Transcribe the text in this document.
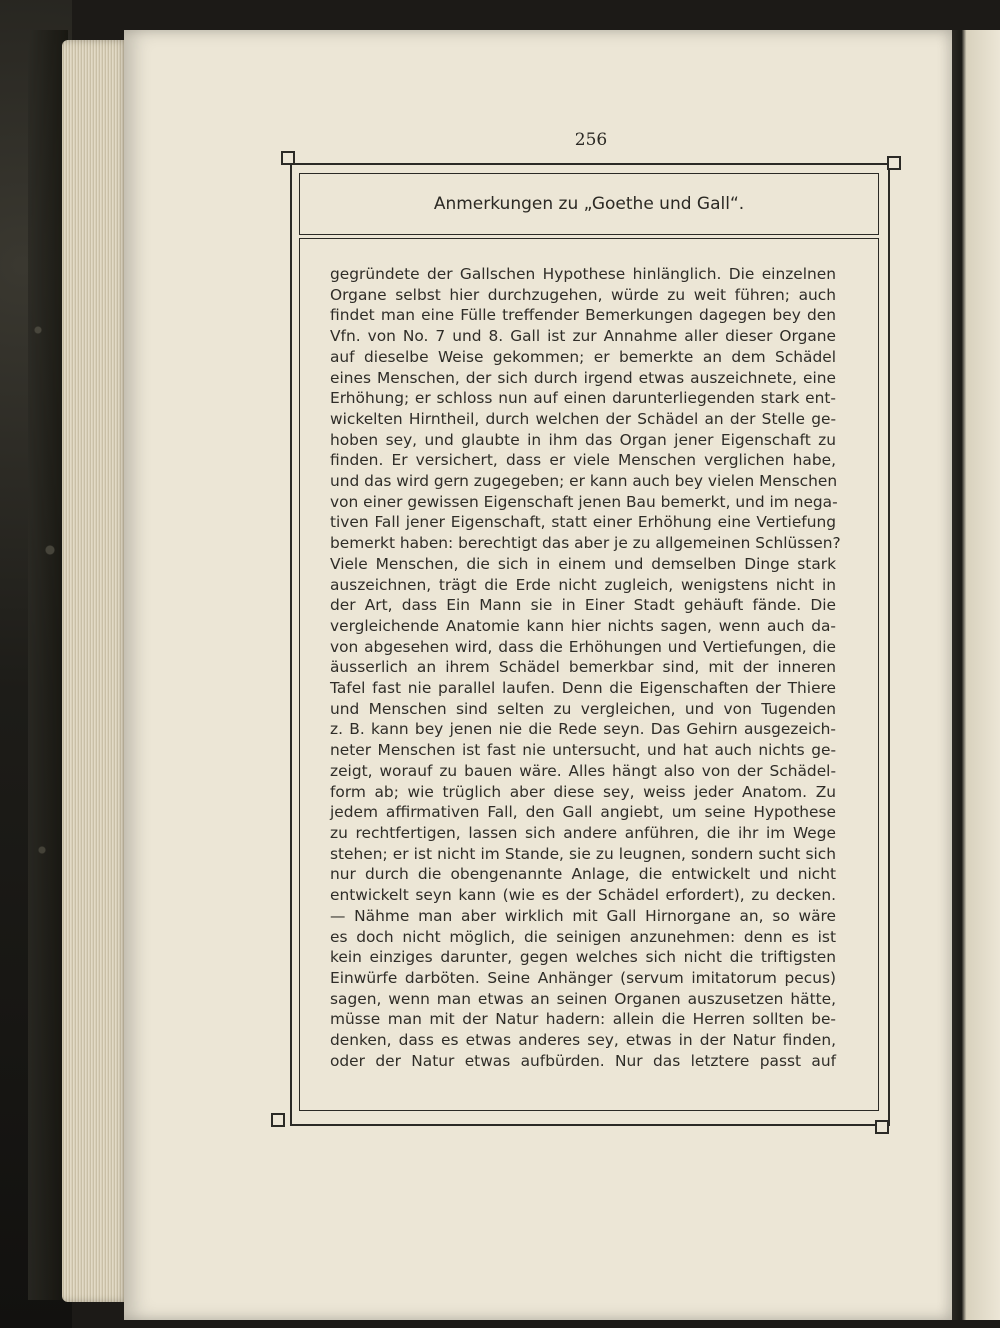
256
Anmerkungen zu „Goethe und Gall“.
gegründete der Gallschen Hypothese hinlänglich. Die einzelnen
Organe selbst hier durchzugehen, würde zu weit führen; auch
findet man eine Fülle treffender Bemerkungen dagegen bey den
Vfn. von No. 7 und 8. Gall ist zur Annahme aller dieser Organe
auf dieselbe Weise gekommen; er bemerkte an dem Schädel
eines Menschen, der sich durch irgend etwas auszeichnete, eine
Erhöhung; er schloss nun auf einen darunterliegenden stark ent-
wickelten Hirntheil, durch welchen der Schädel an der Stelle ge-
hoben sey, und glaubte in ihm das Organ jener Eigenschaft zu
finden. Er versichert, dass er viele Menschen verglichen habe,
und das wird gern zugegeben; er kann auch bey vielen Menschen
von einer gewissen Eigenschaft jenen Bau bemerkt, und im nega-
tiven Fall jener Eigenschaft, statt einer Erhöhung eine Vertiefung
bemerkt haben: berechtigt das aber je zu allgemeinen Schlüssen?
Viele Menschen, die sich in einem und demselben Dinge stark
auszeichnen, trägt die Erde nicht zugleich, wenigstens nicht in
der Art, dass Ein Mann sie in Einer Stadt gehäuft fände. Die
vergleichende Anatomie kann hier nichts sagen, wenn auch da-
von abgesehen wird, dass die Erhöhungen und Vertiefungen, die
äusserlich an ihrem Schädel bemerkbar sind, mit der inneren
Tafel fast nie parallel laufen. Denn die Eigenschaften der Thiere
und Menschen sind selten zu vergleichen, und von Tugenden
z. B. kann bey jenen nie die Rede seyn. Das Gehirn ausgezeich-
neter Menschen ist fast nie untersucht, und hat auch nichts ge-
zeigt, worauf zu bauen wäre. Alles hängt also von der Schädel-
form ab; wie trüglich aber diese sey, weiss jeder Anatom. Zu
jedem affirmativen Fall, den Gall angiebt, um seine Hypothese
zu rechtfertigen, lassen sich andere anführen, die ihr im Wege
stehen; er ist nicht im Stande, sie zu leugnen, sondern sucht sich
nur durch die obengenannte Anlage, die entwickelt und nicht
entwickelt seyn kann (wie es der Schädel erfordert), zu decken.
— Nähme man aber wirklich mit Gall Hirnorgane an, so wäre
es doch nicht möglich, die seinigen anzunehmen: denn es ist
kein einziges darunter, gegen welches sich nicht die triftigsten
Einwürfe darböten. Seine Anhänger (servum imitatorum pecus)
sagen, wenn man etwas an seinen Organen auszusetzen hätte,
müsse man mit der Natur hadern: allein die Herren sollten be-
denken, dass es etwas anderes sey, etwas in der Natur finden,
oder der Natur etwas aufbürden. Nur das letztere passt auf
